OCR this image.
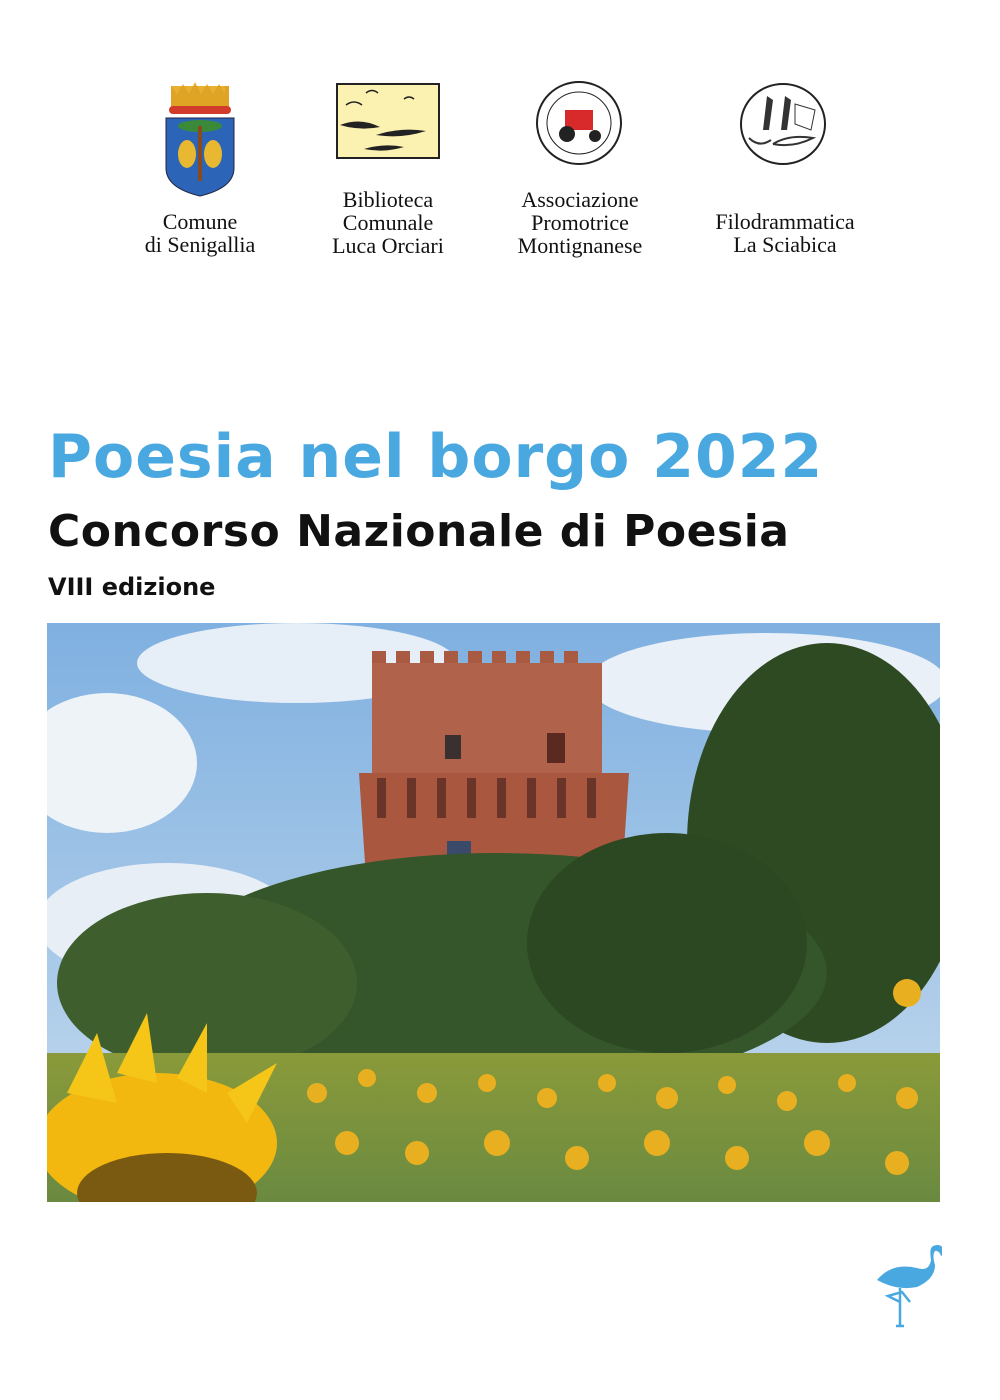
Comune
di Senigallia
Biblioteca
Comunale
Luca Orciari
Associazione
Promotrice
Montignanese
Filodrammatica
La Sciabica
Poesia nel borgo 2022
Concorso Nazionale di Poesia
VIII edizione
